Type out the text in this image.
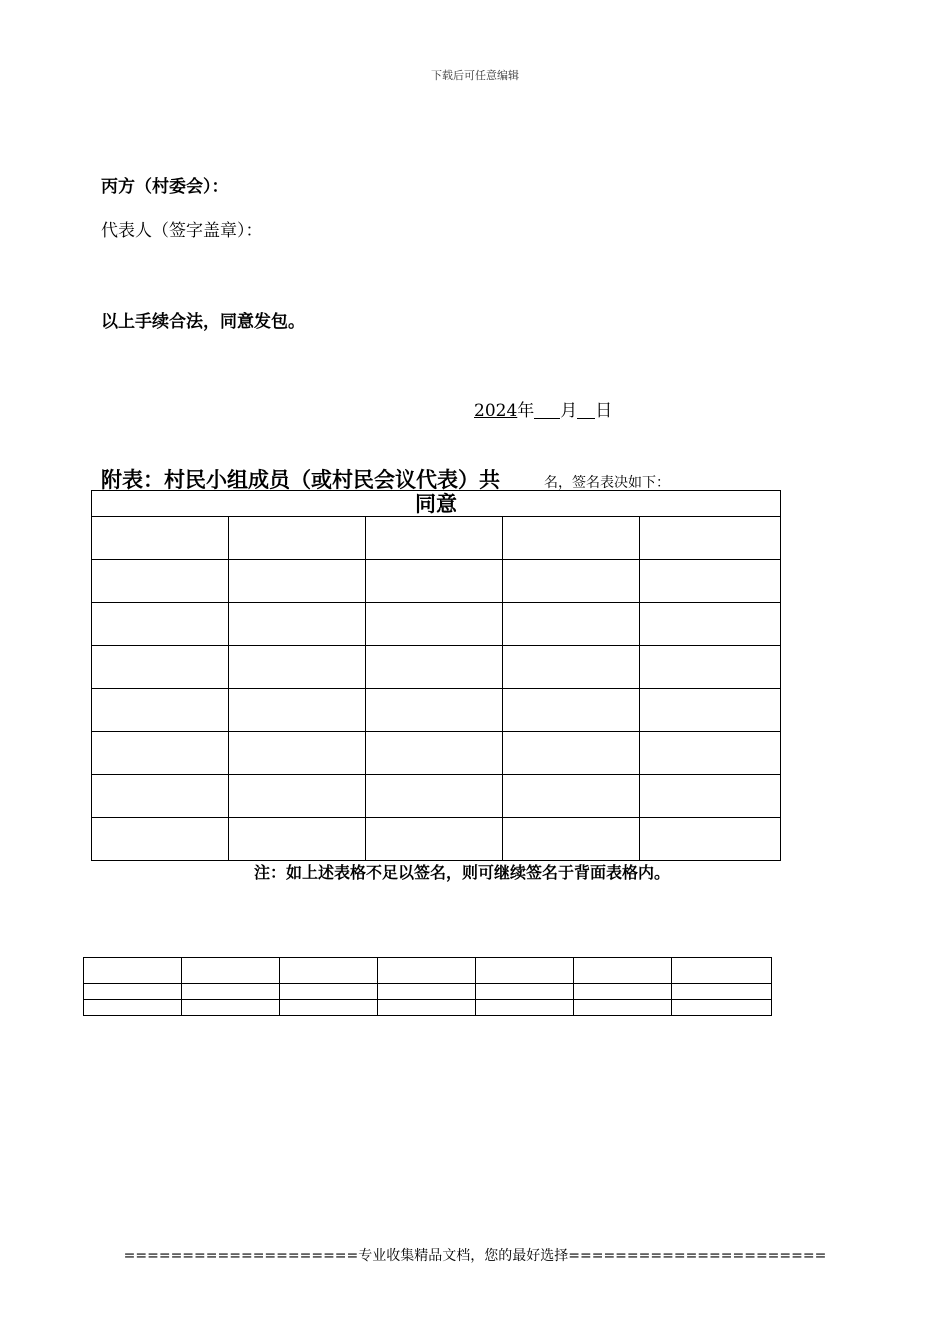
下载后可任意编辑
丙方（村委会）：
代表人（签字盖章）：
以上手续合法，同意发包。
2024年 月 日
附表：村民小组成员（或村民会议代表）共	名，签名表决如下：
同意				

注：如上述表格不足以签名，则可继续签名于背面表格内。

====================专业收集精品文档，您的最好选择======================
